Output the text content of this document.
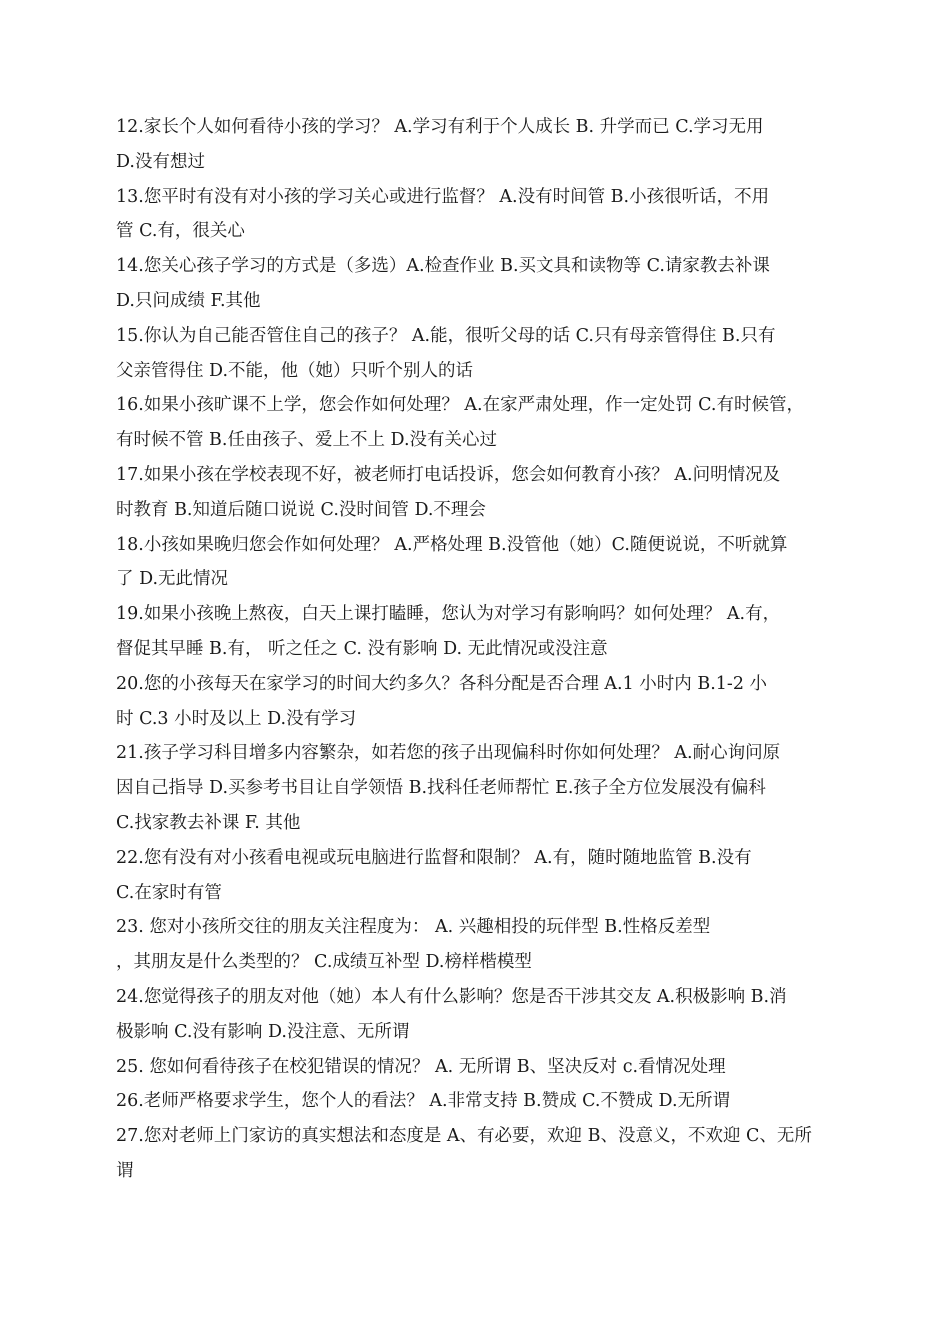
12.家长个人如何看待小孩的学习？ A.学习有利于个人成长 B. 升学而已 C.学习无用
D.没有想过
13.您平时有没有对小孩的学习关心或进行监督？ A.没有时间管 B.小孩很听话，不用
管 C.有，很关心
14.您关心孩子学习的方式是（多选）A.检查作业 B.买文具和读物等 C.请家教去补课
D.只问成绩 F.其他
15.你认为自己能否管住自己的孩子？ A.能，很听父母的话 C.只有母亲管得住 B.只有
父亲管得住 D.不能，他（她）只听个别人的话
16.如果小孩旷课不上学，您会作如何处理？ A.在家严肃处理，作一定处罚 C.有时候管，
有时候不管 B.任由孩子、爱上不上 D.没有关心过
17.如果小孩在学校表现不好，被老师打电话投诉，您会如何教育小孩？ A.问明情况及
时教育 B.知道后随口说说 C.没时间管 D.不理会
18.小孩如果晚归您会作如何处理？ A.严格处理 B.没管他（她）C.随便说说，不听就算
了 D.无此情况
19.如果小孩晚上熬夜，白天上课打瞌睡，您认为对学习有影响吗？如何处理？ A.有，
督促其早睡 B.有， 听之任之 C. 没有影响 D. 无此情况或没注意
20.您的小孩每天在家学习的时间大约多久？各科分配是否合理 A.1 小时内 B.1-2 小
时 C.3 小时及以上 D.没有学习
21.孩子学习科目增多内容繁杂，如若您的孩子出现偏科时你如何处理？ A.耐心询问原
因自己指导 D.买参考书目让自学领悟 B.找科任老师帮忙 E.孩子全方位发展没有偏科
C.找家教去补课 F. 其他
22.您有没有对小孩看电视或玩电脑进行监督和限制？ A.有，随时随地监管 B.没有
C.在家时有管
23. 您对小孩所交往的朋友关注程度为： A. 兴趣相投的玩伴型 B.性格反差型
，其朋友是什么类型的？ C.成绩互补型 D.榜样楷模型
24.您觉得孩子的朋友对他（她）本人有什么影响？您是否干涉其交友 A.积极影响 B.消
极影响 C.没有影响 D.没注意、无所谓
25. 您如何看待孩子在校犯错误的情况？ A. 无所谓 B、坚决反对 c.看情况处理
26.老师严格要求学生，您个人的看法？ A.非常支持 B.赞成 C.不赞成 D.无所谓
27.您对老师上门家访的真实想法和态度是 A、有必要，欢迎 B、没意义，不欢迎 C、无所
谓
